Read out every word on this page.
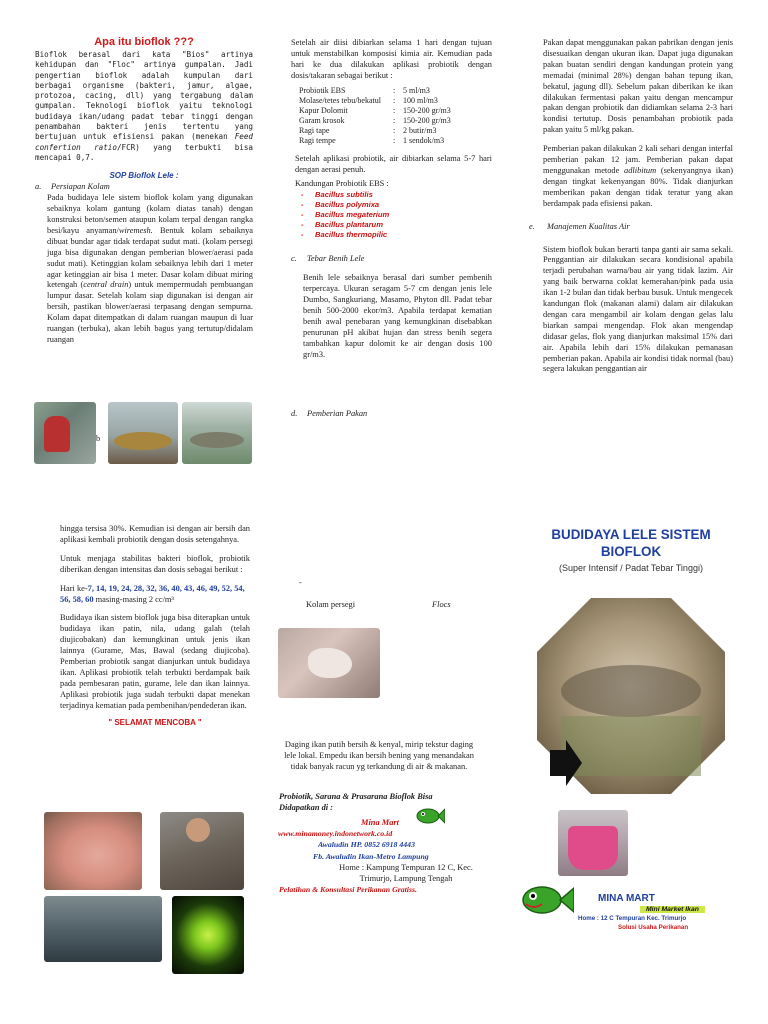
Apa itu bioflok ???
Bioflok berasal dari kata "Bios" artinya kehidupan dan "Floc" artinya gumpalan. Jadi pengertian bioflok adalah kumpulan dari berbagai organisme (bakteri, jamur, algae, protozoa, cacing, dll) yang tergabung dalam gumpalan. Teknologi bioflok yaitu teknologi budidaya ikan/udang padat tebar tinggi dengan penambahan bakteri jenis tertentu yang bertujuan untuk efisiensi pakan (menekan Feed confertion ratio/FCR) yang terbukti bisa mencapai 0,7.
SOP Bioflok Lele :
a. Persiapan Kolam
Pada budidaya lele sistem bioflok kolam yang digunakan sebaiknya kolam gantung (kolam diatas tanah) dengan konstruksi beton/semen ataupun kolam terpal dengan rangka besi/kayu anyaman/wiremesh. Bentuk kolam sebaiknya dibuat bundar agar tidak terdapat sudut mati. (kolam persegi juga bisa digunakan dengan pemberian blower/aerasi pada sudut mati). Ketinggian kolam sebaiknya lebih dari 1 meter agar ketinggian air bisa 1 meter. Dasar kolam dibuat miring ketengah (central drain) untuk mempermudah pembuangan lumpur dasar. Setelah kolam siap digunakan isi dengan air bersih, pastikan blower/aerasi terpasang dengan sempurna. Kolam dapat ditempatkan di dalam ruangan maupun di luar ruangan (terbuka), akan lebih bagus yang tertutup/didalam ruangan
b
Setelah air diisi dibiarkan selama 1 hari dengan tujuan untuk menstabilkan komposisi kimia air. Kemudian pada hari ke dua dilakukan aplikasi probiotik dengan dosis/takaran sebagai berikut :
Probiotik EBS	:	5 ml/m3
Molase/tetes tebu/bekatul	:	100 ml/m3
Kapur Dolomit	:	150-200 gr/m3
Garam krosok	:	150-200 gr/m3
Ragi tape	:	2 butir/m3
Ragi tempe	:	1 sendok/m3
Setelah aplikasi probiotik, air dibiarkan selama 5-7 hari dengan aerasi penuh.
Kandungan Probiotik EBS :
- Bacillus subtilis
- Bacillus polymixa
- Bacillus megaterium
- Bacillus plantarum
- Bacillus thermopilic
c. Tebar Benih Lele
Benih lele sebaiknya berasal dari sumber pembenih terpercaya. Ukuran seragam 5-7 cm dengan jenis lele Dumbo, Sangkuriang, Masamo, Phyton dll. Padat tebar benih 500-2000 ekor/m3. Apabila terdapat kematian benih awal penebaran yang kemungkinan disebabkan penurunan pH akibat hujan dan stress benih segera tambahkan kapur dolomit ke air dengan dosis 100 gr/m3.
d. Pemberian Pakan
Pakan dapat menggunakan pakan pabrikan dengan jenis disesuaikan dengan ukuran ikan. Dapat juga digunakan pakan buatan sendiri dengan kandungan protein yang memadai (minimal 28%) dengan bahan tepung ikan, bekatul, jagung dll). Sebelum pakan diberikan ke ikan dilakukan fermentasi pakan yaitu dengan mencampur pakan dengan probiotik dan didiamkan selama 2-3 hari kondisi tertutup. Dosis penambahan probiotik pada pakan yaitu 5 ml/kg pakan.
Pemberian pakan dilakukan 2 kali sehari dengan interfal pemberian pakan 12 jam. Pemberian pakan dapat menggunakan metode adlibitum (sekenyangnya ikan) dengan tingkat kekenyangan 80%. Tidak dianjurkan memberikan pakan dengan tidak teratur yang akan berdampak pada efisiensi pakan.
e. Manajemen Kualitas Air
Sistem bioflok bukan berarti tanpa ganti air sama sekali. Penggantian air dilakukan secara kondisional apabila terjadi perubahan warna/bau air yang tidak lazim. Air yang baik berwarna coklat kemerahan/pink pada usia ikan 1-2 bulan dan tidak berbau busuk. Untuk mengecek kandungan flok (makanan alami) dalam air dilakukan dengan cara mengambil air kolam dengan gelas lalu biarkan sampai mengendap. Flok akan mengendap didasar gelas, flok yang dianjurkan maksimal 15% dari air. Apabila lebih dari 15% dilakukan pemanasan pemberian pakan. Apabila air kondisi tidak normal (bau) segera lakukan penggantian air
hingga tersisa 30%. Kemudian isi dengan air bersih dan aplikasi kembali probiotik dengan dosis setengahnya.
Untuk menjaga stabilitas bakteri bioflok, probiotik diberikan dengan intensitas dan dosis sebagai berikut :
Hari ke-7, 14, 19, 24, 28, 32, 36, 40, 43, 46, 49, 52, 54, 56, 58, 60 masing-masing 2 cc/m³
Budidaya ikan sistem bioflok juga bisa diterapkan untuk budidaya ikan patin, nila, udang galah (telah diujicobakan) dan kemungkinan untuk jenis ikan lainnya (Gurame, Mas, Bawal (sedang diujicoba). Pemberian probiotik sangat dianjurkan untuk budidaya ikan. Aplikasi probiotik telah terbukti berdampak baik pada pembesaran patin, gurame, lele dan ikan lainnya. Aplikasi probiotik juga sudah terbukti dapat menekan terjadinya kematian pada pembenihan/pendederan ikan.
" SELAMAT MENCOBA "
-
Kolam persegi	Flocs
Daging ikan putih bersih & kenyal, mirip tekstur daging lele lokal. Empedu ikan bersih bening yang menandakan tidak banyak racun yg terkandung di air & makanan.
Probiotik, Sarana & Prasarana Bioflok Bisa
Didapatkan di :
Mina Mart
www.minamoney.indonetwork.co.id
Awaludin HP. 0852 6918 4443
Fb. Awaludin Ikan-Metro Lampung
Home : Kampung Tempuran 12 C, Kec. Trimurjo, Lampung Tengah
Pelatihan & Konsultasi Perikanan Gratiss.
BUDIDAYA LELE SISTEM
BIOFLOK
(Super Intensif / Padat Tebar Tinggi)
MINA MART
Mini Market Ikan
Home : 12 C Tempuran Kec. Trimurjo
Solusi Usaha Perikanan
